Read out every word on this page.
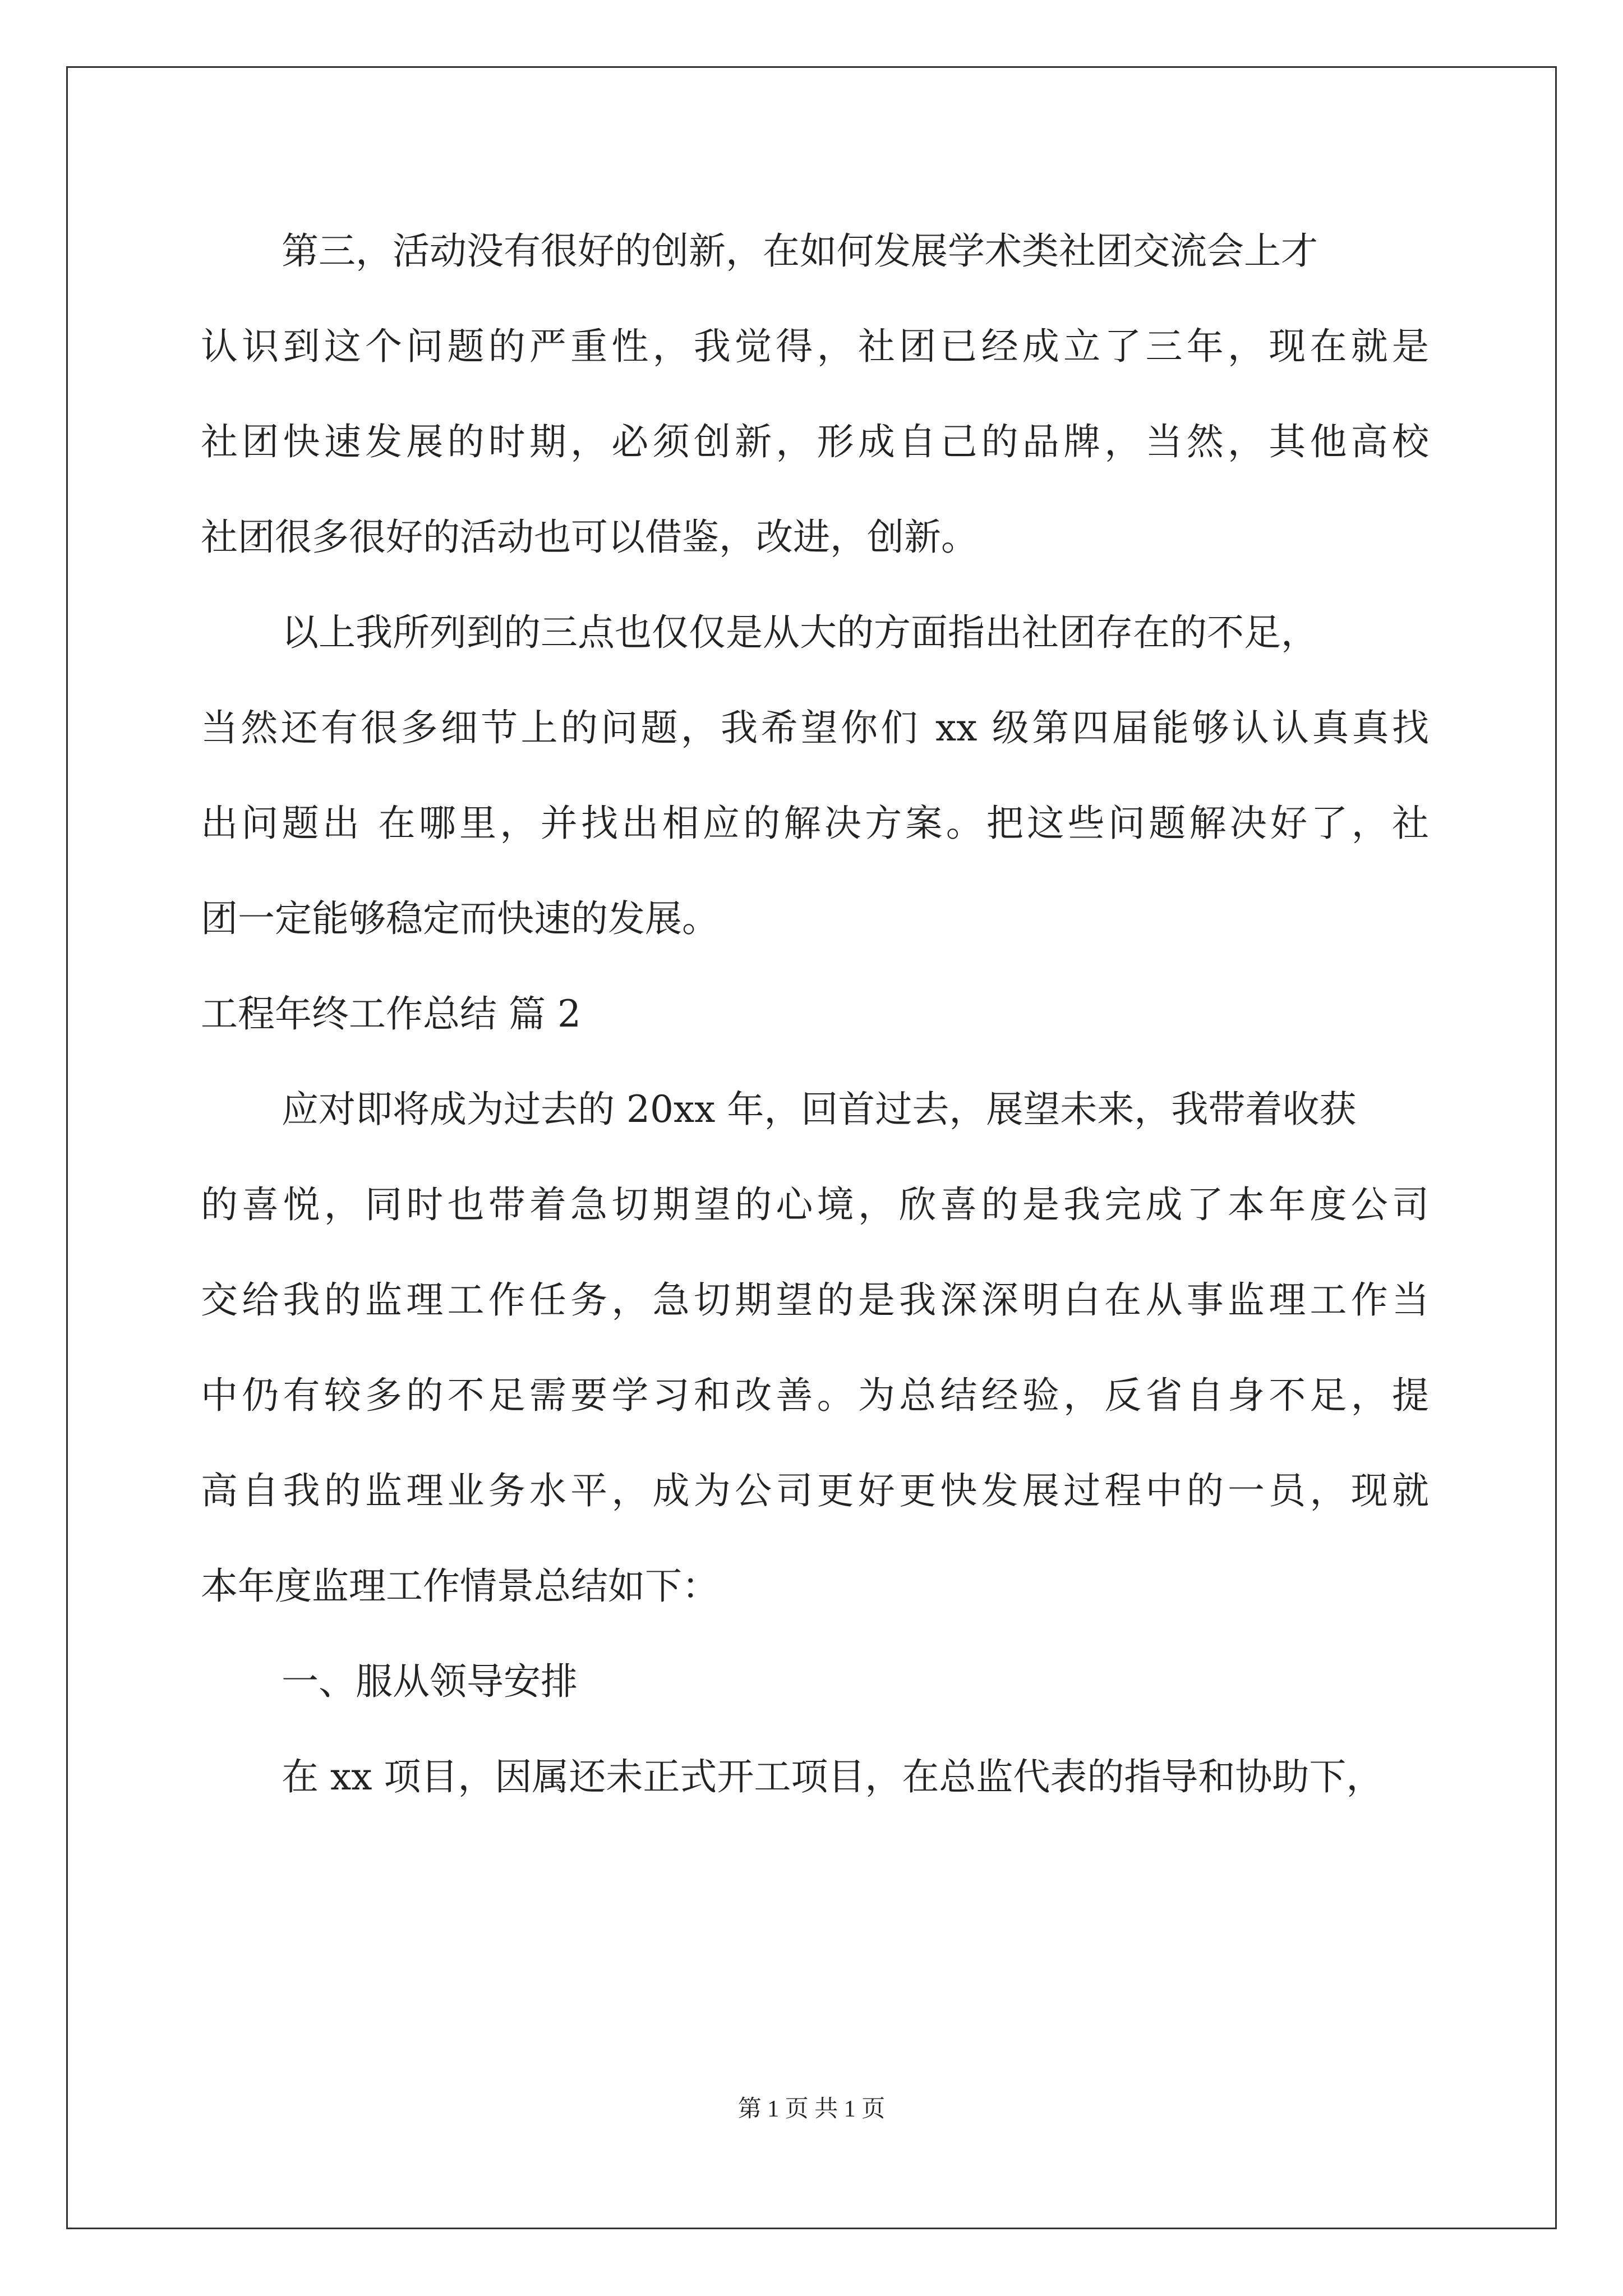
第三，活动没有很好的创新，在如何发展学术类社团交流会上才
认识到这个问题的严重性，我觉得，社团已经成立了三年，现在就是
社团快速发展的时期，必须创新，形成自己的品牌，当然，其他高校
社团很多很好的活动也可以借鉴，改进，创新。
以上我所列到的三点也仅仅是从大的方面指出社团存在的不足，
当然还有很多细节上的问题，我希望你们 xx 级第四届能够认认真真找
出问题出 在哪里，并找出相应的解决方案。把这些问题解决好了，社
团一定能够稳定而快速的发展。
工程年终工作总结 篇 2
应对即将成为过去的 20xx 年，回首过去，展望未来，我带着收获
的喜悦，同时也带着急切期望的心境，欣喜的是我完成了本年度公司
交给我的监理工作任务，急切期望的是我深深明白在从事监理工作当
中仍有较多的不足需要学习和改善。为总结经验，反省自身不足，提
高自我的监理业务水平，成为公司更好更快发展过程中的一员，现就
本年度监理工作情景总结如下：
一、服从领导安排
在 xx 项目，因属还未正式开工项目，在总监代表的指导和协助下，
第 1 页 共 1 页
